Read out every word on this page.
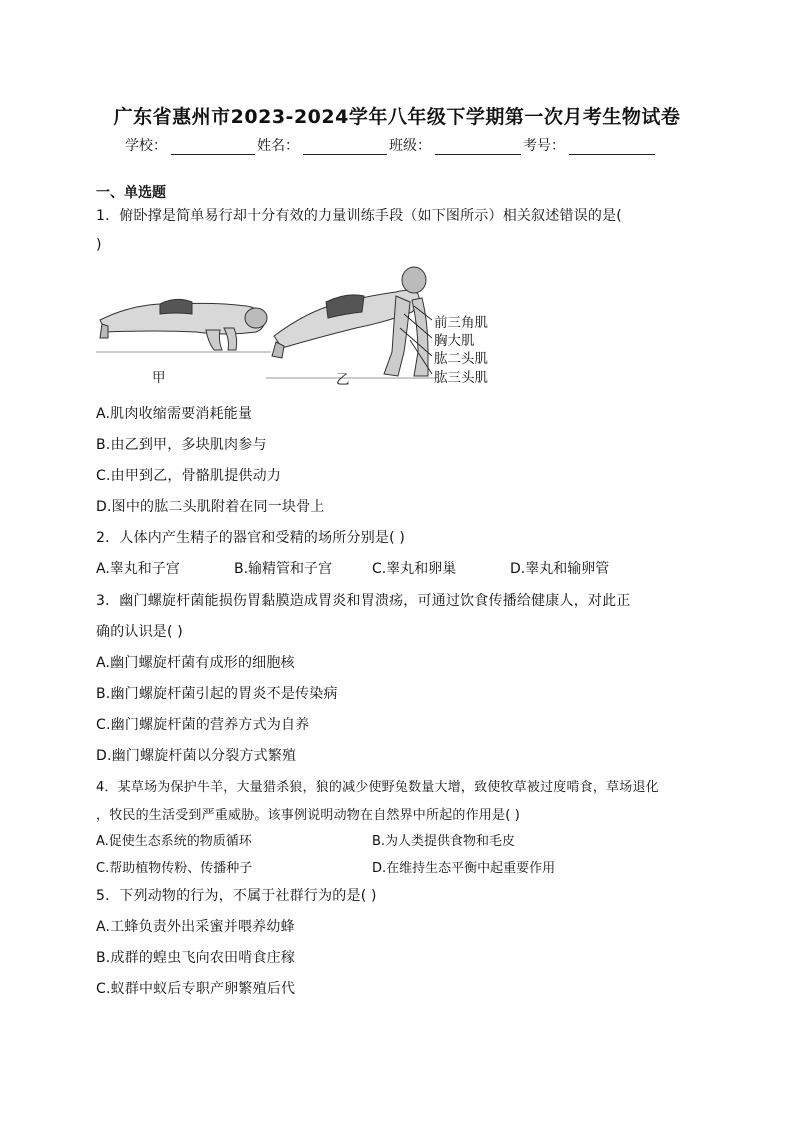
广东省惠州市2023-2024学年八年级下学期第一次月考生物试卷
学校：	姓名：	班级：	考号：
一、单选题
1．俯卧撑是简单易行却十分有效的力量训练手段（如下图所示）相关叙述错误的是(
)
前三角肌
胸大肌
肱二头肌
肱三头肌
甲	乙
A.肌肉收缩需要消耗能量
B.由乙到甲，多块肌肉参与
C.由甲到乙，骨骼肌提供动力
D.图中的肱二头肌附着在同一块骨上
2．人体内产生精子的器官和受精的场所分别是( )
A.睾丸和子宫	B.输精管和子宫	C.睾丸和卵巢	D.睾丸和输卵管
3．幽门螺旋杆菌能损伤胃黏膜造成胃炎和胃溃疡，可通过饮食传播给健康人，对此正
确的认识是( )
A.幽门螺旋杆菌有成形的细胞核
B.幽门螺旋杆菌引起的胃炎不是传染病
C.幽门螺旋杆菌的营养方式为自养
D.幽门螺旋杆菌以分裂方式繁殖
4．某草场为保护牛羊，大量猎杀狼，狼的减少使野兔数量大增，致使牧草被过度啃食，草场退化
，牧民的生活受到严重威胁。该事例说明动物在自然界中所起的作用是( )
A.促使生态系统的物质循环	B.为人类提供食物和毛皮
C.帮助植物传粉、传播种子	D.在维持生态平衡中起重要作用
5．下列动物的行为，不属于社群行为的是( )
A.工蜂负责外出采蜜并喂养幼蜂
B.成群的蝗虫飞向农田啃食庄稼
C.蚁群中蚁后专职产卵繁殖后代
